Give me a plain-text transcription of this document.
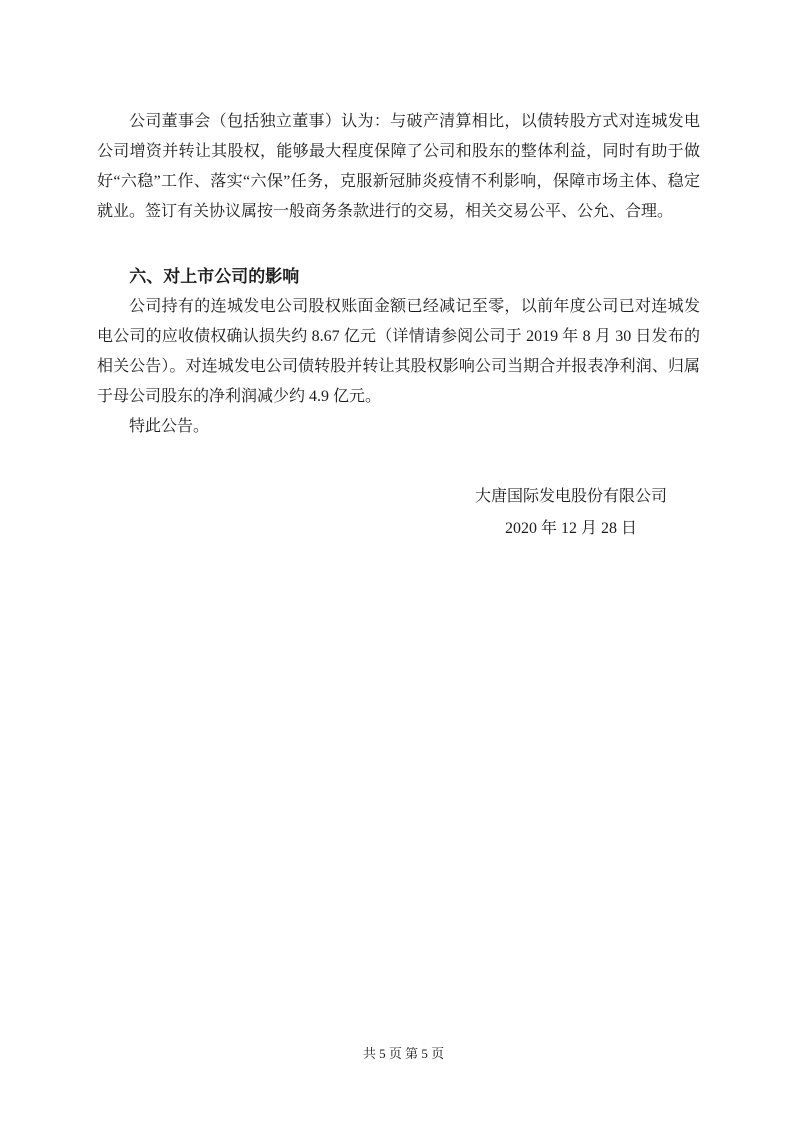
公司董事会（包括独立董事）认为：与破产清算相比，以债转股方式对连城发电公司增资并转让其股权，能够最大程度保障了公司和股东的整体利益，同时有助于做好“六稳”工作、落实“六保”任务，克服新冠肺炎疫情不利影响，保障市场主体、稳定就业。签订有关协议属按一般商务条款进行的交易，相关交易公平、公允、合理。

六、对上市公司的影响

公司持有的连城发电公司股权账面金额已经减记至零，以前年度公司已对连城发电公司的应收债权确认损失约 8.67 亿元（详情请参阅公司于 2019 年 8 月 30 日发布的相关公告）。对连城发电公司债转股并转让其股权影响公司当期合并报表净利润、归属于母公司股东的净利润减少约 4.9 亿元。

特此公告。

大唐国际发电股份有限公司
2020 年 12 月 28 日

共 5 页 第 5 页
